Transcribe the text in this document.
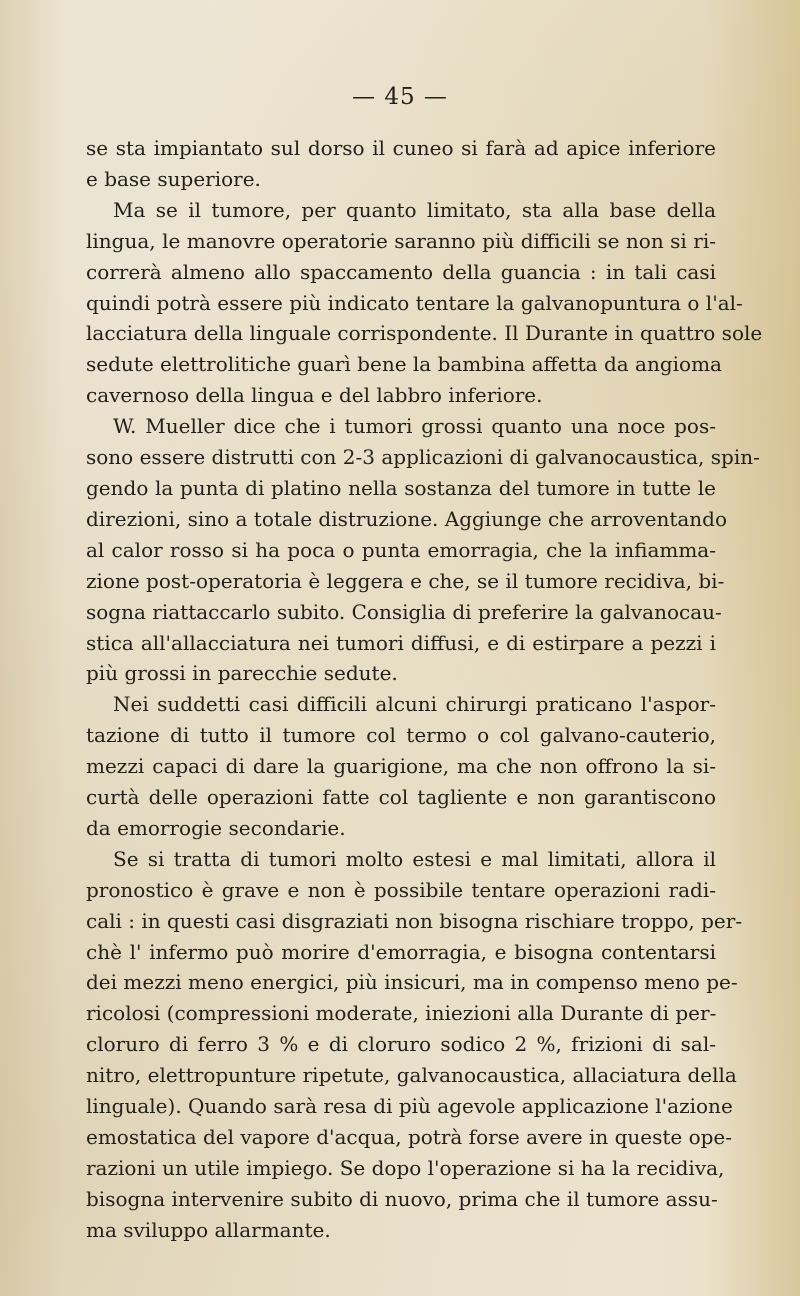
— 45 —
se sta impiantato sul dorso il cuneo si farà ad apice inferiore
e base superiore.
Ma se il tumore, per quanto limitato, sta alla base della
lingua, le manovre operatorie saranno più difficili se non si ri-
correrà almeno allo spaccamento della guancia : in tali casi
quindi potrà essere più indicato tentare la galvanopuntura o l'al-
lacciatura della linguale corrispondente. Il Durante in quattro sole
sedute elettrolitiche guarì bene la bambina affetta da angioma
cavernoso della lingua e del labbro inferiore.
W. Mueller dice che i tumori grossi quanto una noce pos-
sono essere distrutti con 2-3 applicazioni di galvanocaustica, spin-
gendo la punta di platino nella sostanza del tumore in tutte le
direzioni, sino a totale distruzione. Aggiunge che arroventando
al calor rosso si ha poca o punta emorragia, che la infiamma-
zione post-operatoria è leggera e che, se il tumore recidiva, bi-
sogna riattaccarlo subito. Consiglia di preferire la galvanocau-
stica all'allacciatura nei tumori diffusi, e di estirpare a pezzi i
più grossi in parecchie sedute.
Nei suddetti casi difficili alcuni chirurgi praticano l'aspor-
tazione di tutto il tumore col termo o col galvano-cauterio,
mezzi capaci di dare la guarigione, ma che non offrono la si-
curtà delle operazioni fatte col tagliente e non garantiscono
da emorrogie secondarie.
Se si tratta di tumori molto estesi e mal limitati, allora il
pronostico è grave e non è possibile tentare operazioni radi-
cali : in questi casi disgraziati non bisogna rischiare troppo, per-
chè l' infermo può morire d'emorragia, e bisogna contentarsi
dei mezzi meno energici, più insicuri, ma in compenso meno pe-
ricolosi (compressioni moderate, iniezioni alla Durante di per-
cloruro di ferro 3 % e di cloruro sodico 2 %, frizioni di sal-
nitro, elettropunture ripetute, galvanocaustica, allaciatura della
linguale). Quando sarà resa di più agevole applicazione l'azione
emostatica del vapore d'acqua, potrà forse avere in queste ope-
razioni un utile impiego. Se dopo l'operazione si ha la recidiva,
bisogna intervenire subito di nuovo, prima che il tumore assu-
ma sviluppo allarmante.
